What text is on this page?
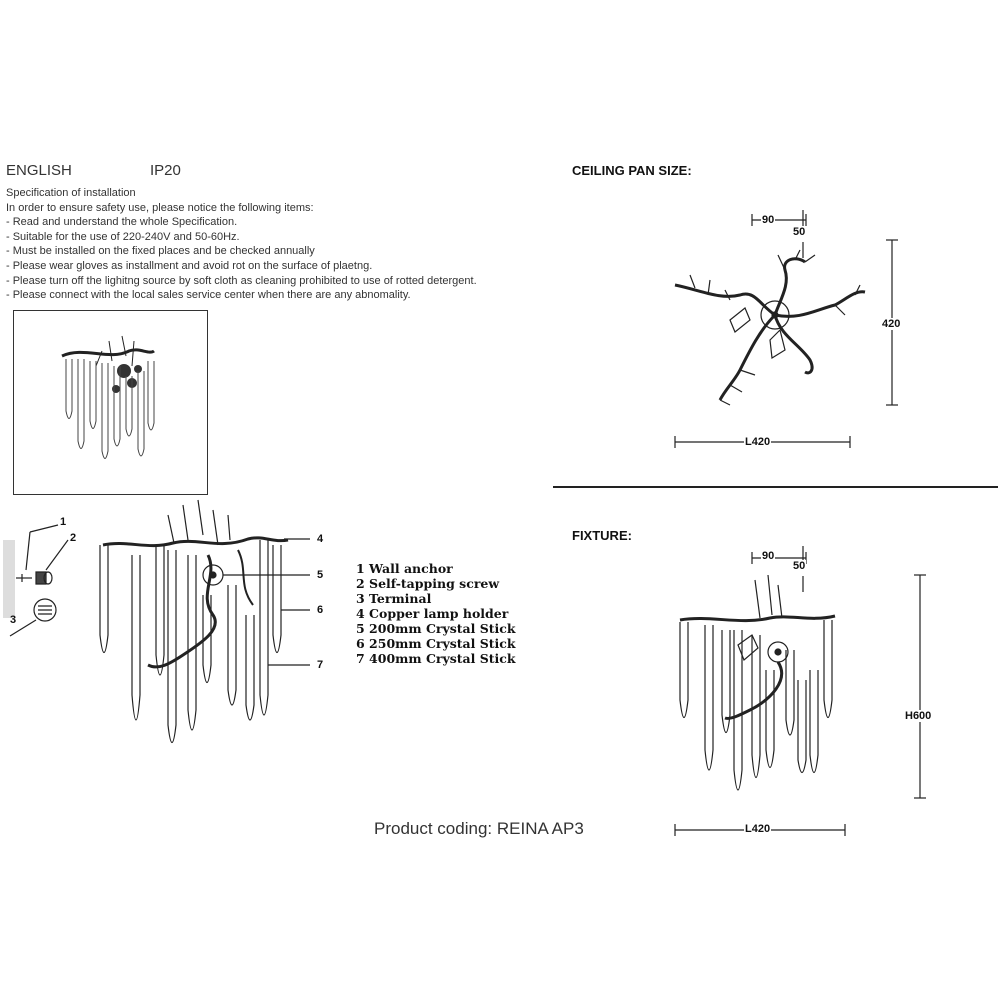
ENGLISH	IP20
Specification of installation
In order to ensure safety use, please notice the following items:
- Read and understand the whole Specification.
- Suitable for the use of 220-240V and 50-60Hz.
- Must be installed on the fixed places and be checked annually
- Please wear gloves as installment and avoid rot on the surface of plaetng.
- Please turn off the lighitng source by soft cloth as cleaning prohibited to use of rotted detergent.
- Please connect with the local sales service center when there are any abnomality.
CEILING PAN SIZE:
FIXTURE:
1
2
3
4
5
6
7
1 Wall anchor
2 Self-tapping screw
3 Terminal
4 Copper lamp holder
5 200mm Crystal Stick
6 250mm Crystal Stick
7 400mm Crystal Stick
Product coding: REINA AP3
90
50
420
L420
90
50
H600
L420
